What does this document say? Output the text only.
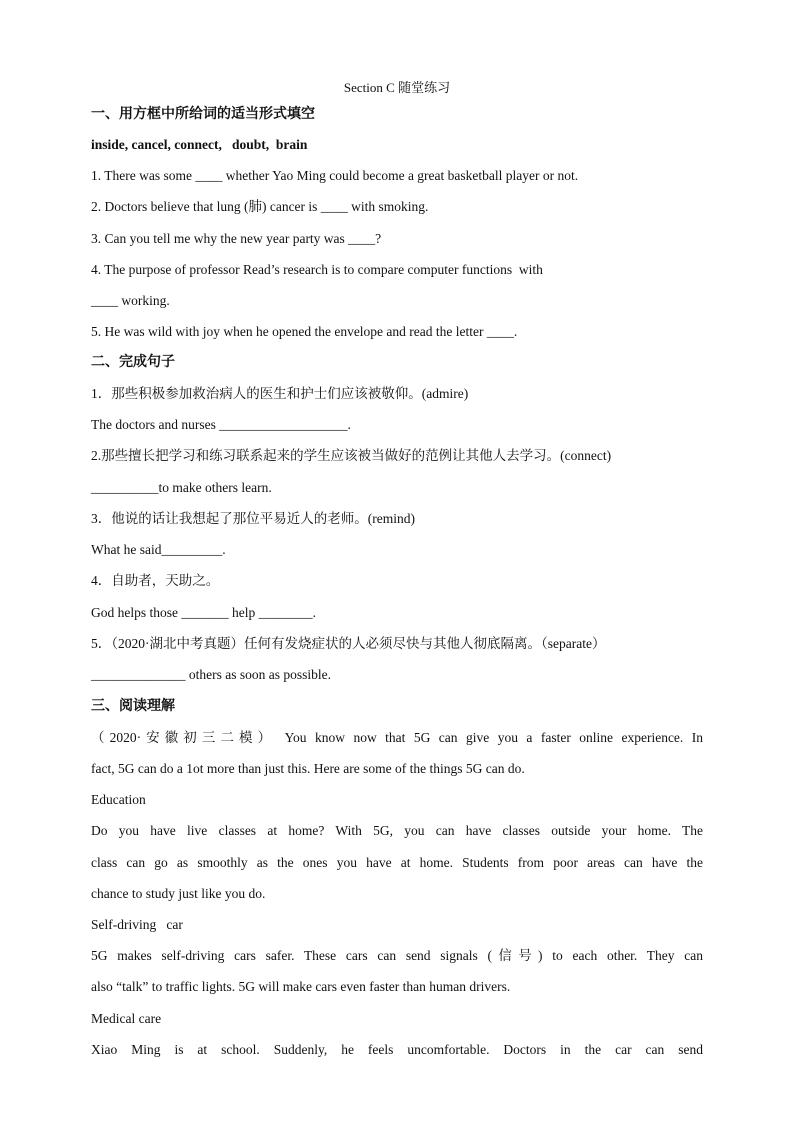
Section C 随堂练习
一、用方框中所给词的适当形式填空
inside, cancel, connect,   doubt,  brain
1. There was some ____ whether Yao Ming could become a great basketball player or not.
2. Doctors believe that lung (肺) cancer is ____ with smoking.
3. Can you tell me why the new year party was ____?
4. The purpose of professor Read’s research is to compare computer functions  with
____ working.
5. He was wild with joy when he opened the envelope and read the letter ____.
二、完成句子
1．那些积极参加救治病人的医生和护士们应该被敬仰。(admire)
The doctors and nurses ___________________.
2.那些擅长把学习和练习联系起来的学生应该被当做好的范例让其他人去学习。(connect)
__________to make others learn.
3．他说的话让我想起了那位平易近人的老师。(remind)
What he said_________.
4．自助者，天助之。
God helps those _______ help ________.
5．（2020·湖北中考真题）任何有发烧症状的人必须尽快与其他人彻底隔离。（separate）
______________ others as soon as possible.
三、阅读理解
（2020·安徽初三二模） You know now that 5G can give you a faster online experience. In
fact, 5G can do a 1ot more than just this. Here are some of the things 5G can do.
Education
Do you have live classes at home? With 5G, you can have classes outside your home. The
class can go as smoothly as the ones you have at home. Students from poor areas can have the
chance to study just like you do.
Self-driving   car
5G makes self-driving cars safer. These cars can send signals (信号) to each other. They can
also “talk” to traffic lights. 5G will make cars even faster than human drivers.
Medical care
Xiao Ming is at school. Suddenly, he feels uncomfortable. Doctors in the car can send
